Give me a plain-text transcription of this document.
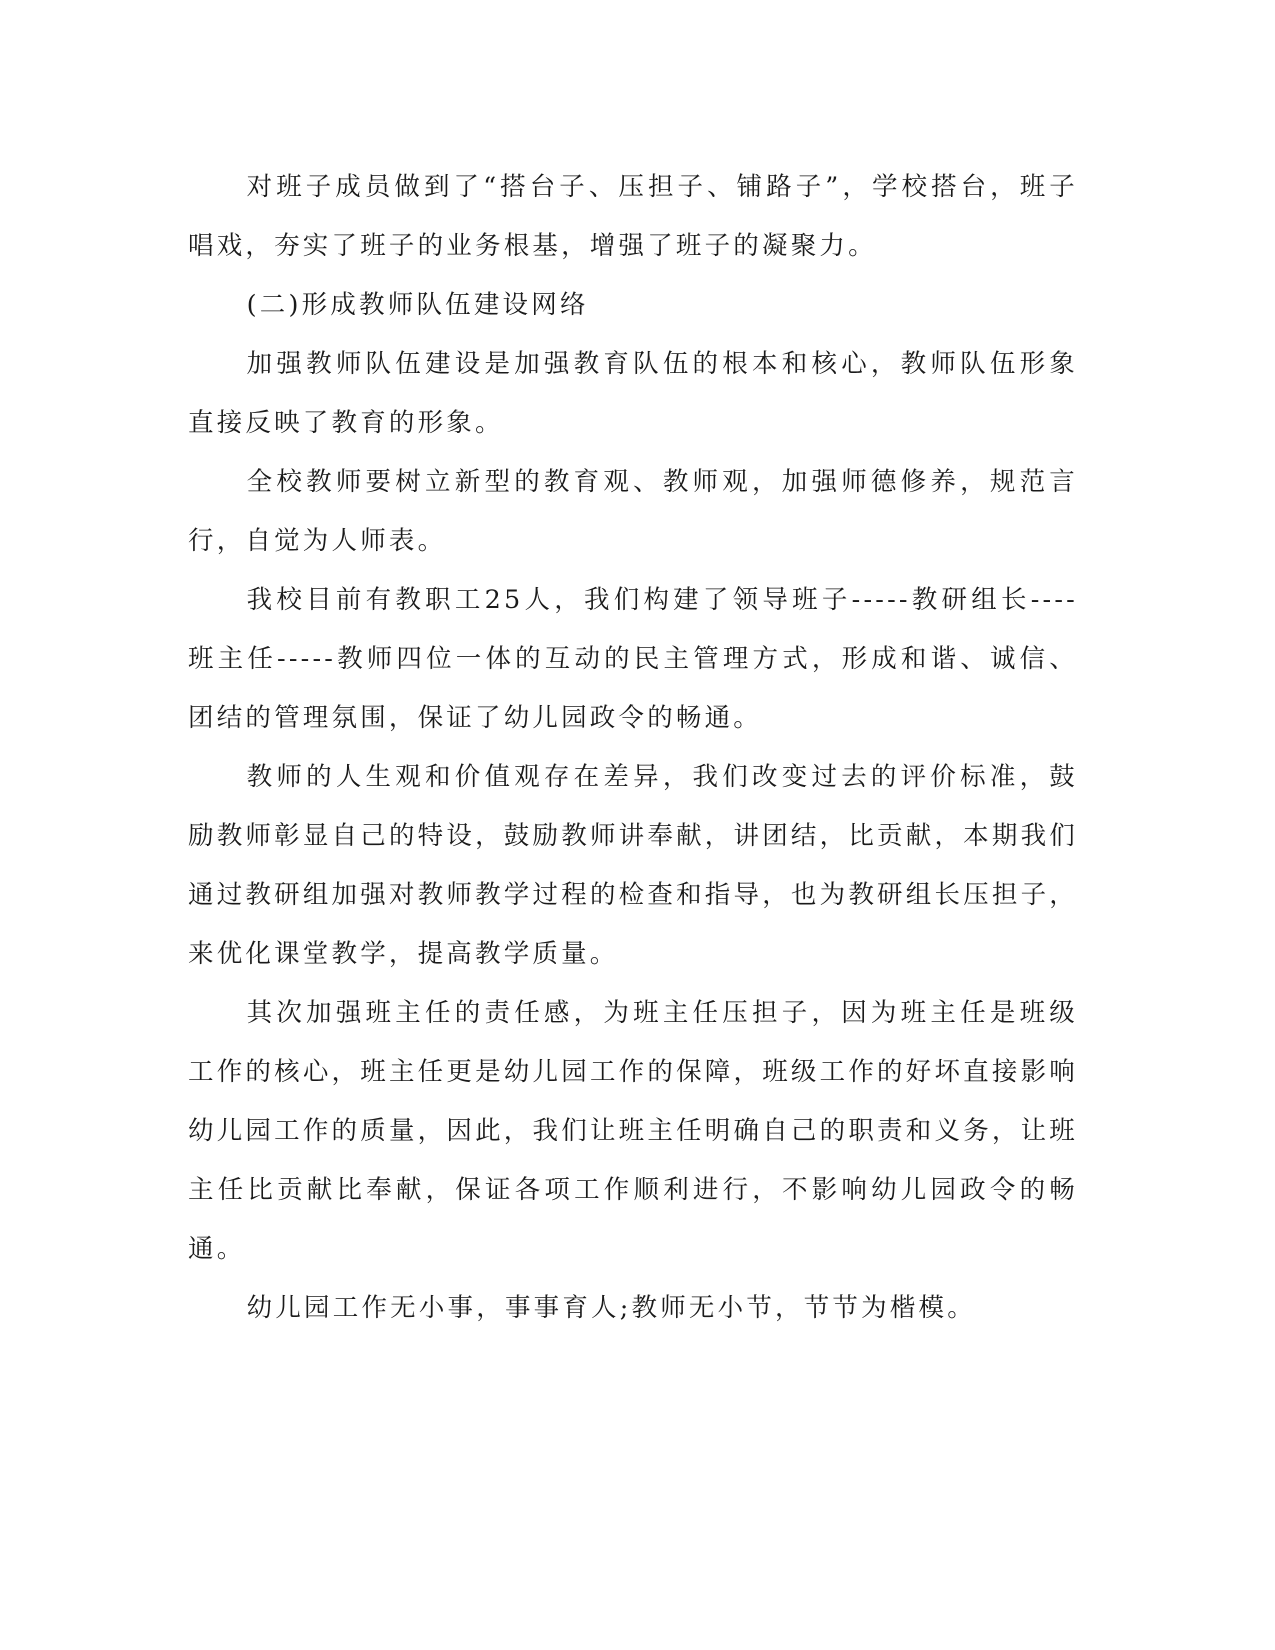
对班子成员做到了“搭台子、压担子、铺路子”，学校搭台，班子唱戏，夯实了班子的业务根基，增强了班子的凝聚力。

(二)形成教师队伍建设网络

加强教师队伍建设是加强教育队伍的根本和核心，教师队伍形象直接反映了教育的形象。

全校教师要树立新型的教育观、教师观，加强师德修养，规范言行，自觉为人师表。

我校目前有教职工25人，我们构建了领导班子-----教研组长----班主任-----教师四位一体的互动的民主管理方式，形成和谐、诚信、团结的管理氛围，保证了幼儿园政令的畅通。

教师的人生观和价值观存在差异，我们改变过去的评价标准，鼓励教师彰显自己的特设，鼓励教师讲奉献，讲团结，比贡献，本期我们通过教研组加强对教师教学过程的检查和指导，也为教研组长压担子，来优化课堂教学，提高教学质量。

其次加强班主任的责任感，为班主任压担子，因为班主任是班级工作的核心，班主任更是幼儿园工作的保障，班级工作的好坏直接影响幼儿园工作的质量，因此，我们让班主任明确自己的职责和义务，让班主任比贡献比奉献，保证各项工作顺利进行，不影响幼儿园政令的畅通。

幼儿园工作无小事，事事育人;教师无小节，节节为楷模。
